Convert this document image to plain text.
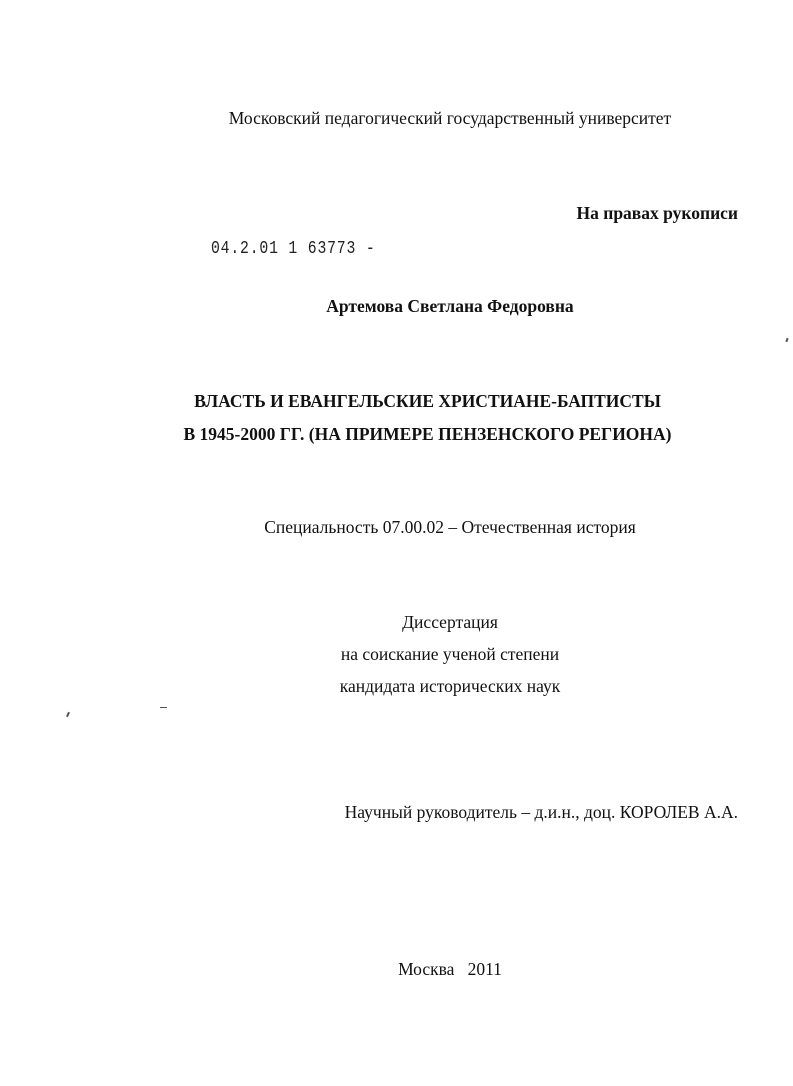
Московский педагогический государственный университет
На правах рукописи
04.2.01 1 63773 -
Артемова Светлана Федоровна
ВЛАСТЬ И ЕВАНГЕЛЬСКИЕ ХРИСТИАНЕ-БАПТИСТЫ
В 1945-2000 ГГ. (НА ПРИМЕРЕ ПЕНЗЕНСКОГО РЕГИОНА)
Специальность 07.00.02 – Отечественная история
Диссертация
на соискание ученой степени
кандидата исторических наук
Научный руководитель – д.и.н., доц. КОРОЛЕВ А.А.
Москва   2011
